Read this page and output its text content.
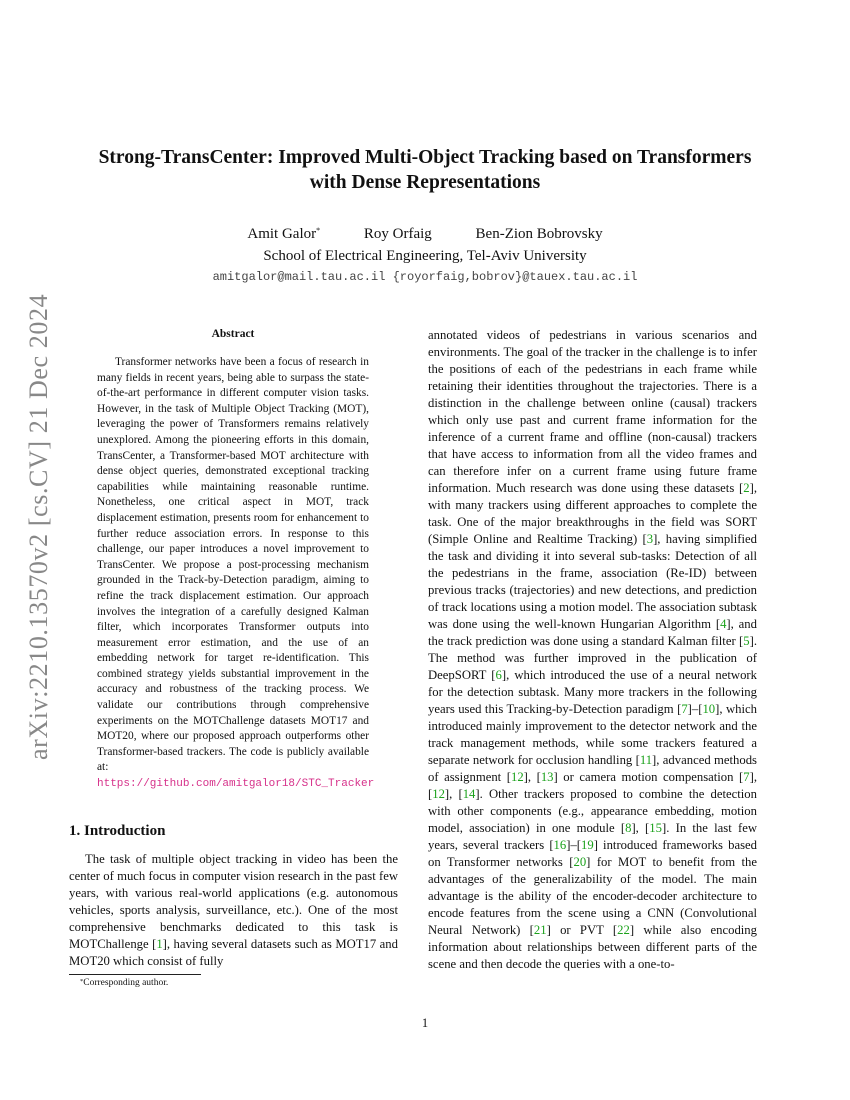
arXiv:2210.13570v2 [cs.CV] 21 Dec 2024
Strong-TransCenter: Improved Multi-Object Tracking based on Transformers
with Dense Representations
Amit Galor*	Roy Orfaig	Ben-Zion Bobrovsky
School of Electrical Engineering, Tel-Aviv University
amitgalor@mail.tau.ac.il {royorfaig,bobrov}@tauex.tau.ac.il
Abstract

Transformer networks have been a focus of research in many fields in recent years, being able to surpass the state-of-the-art performance in different computer vision tasks. However, in the task of Multiple Object Tracking (MOT), leveraging the power of Transformers remains relatively unexplored. Among the pioneering efforts in this domain, TransCenter, a Transformer-based MOT architecture with dense object queries, demonstrated exceptional tracking capabilities while maintaining reasonable runtime. Nonetheless, one critical aspect in MOT, track displacement estimation, presents room for enhancement to further reduce association errors. In response to this challenge, our paper introduces a novel improvement to TransCenter. We propose a post-processing mechanism grounded in the Track-by-Detection paradigm, aiming to refine the track displacement estimation. Our approach involves the integration of a carefully designed Kalman filter, which incorporates Transformer outputs into measurement error estimation, and the use of an embedding network for target re-identification. This combined strategy yields substantial improvement in the accuracy and robustness of the tracking process. We validate our contributions through comprehensive experiments on the MOTChallenge datasets MOT17 and MOT20, where our proposed approach outperforms other Transformer-based trackers. The code is publicly available at: https://github.com/amitgalor18/STC_Tracker

1. Introduction

The task of multiple object tracking in video has been the center of much focus in computer vision research in the past few years, with various real-world applications (e.g. autonomous vehicles, sports analysis, surveillance, etc.). One of the most comprehensive benchmarks dedicated to this task is MOTChallenge [1], having several datasets such as MOT17 and MOT20 which consist of fully

annotated videos of pedestrians in various scenarios and environments. The goal of the tracker in the challenge is to infer the positions of each of the pedestrians in each frame while retaining their identities throughout the trajectories. There is a distinction in the challenge between online (causal) trackers which only use past and current frame information for the inference of a current frame and offline (non-causal) trackers that have access to information from all the video frames and can therefore infer on a current frame using future frame information. Much research was done using these datasets [2], with many trackers using different approaches to complete the task. One of the major breakthroughs in the field was SORT (Simple Online and Realtime Tracking) [3], having simplified the task and dividing it into several sub-tasks: Detection of all the pedestrians in the frame, association (Re-ID) between previous tracks (trajectories) and new detections, and prediction of track locations using a motion model. The association subtask was done using the well-known Hungarian Algorithm [4], and the track prediction was done using a standard Kalman filter [5]. The method was further improved in the publication of DeepSORT [6], which introduced the use of a neural network for the detection subtask. Many more trackers in the following years used this Tracking-by-Detection paradigm [7]–[10], which introduced mainly improvement to the detector network and the track management methods, while some trackers featured a separate network for occlusion handling [11], advanced methods of assignment [12], [13] or camera motion compensation [7], [12], [14]. Other trackers proposed to combine the detection with other components (e.g., appearance embedding, motion model, association) in one module [8], [15]. In the last few years, several trackers [16]–[19] introduced frameworks based on Transformer networks [20] for MOT to benefit from the advantages of the generalizability of the model. The main advantage is the ability of the encoder-decoder architecture to encode features from the scene using a CNN (Convolutional Neural Network) [21] or PVT [22] while also encoding information about relationships between different parts of the scene and then decode the queries with a one-to-

*Corresponding author.
1
